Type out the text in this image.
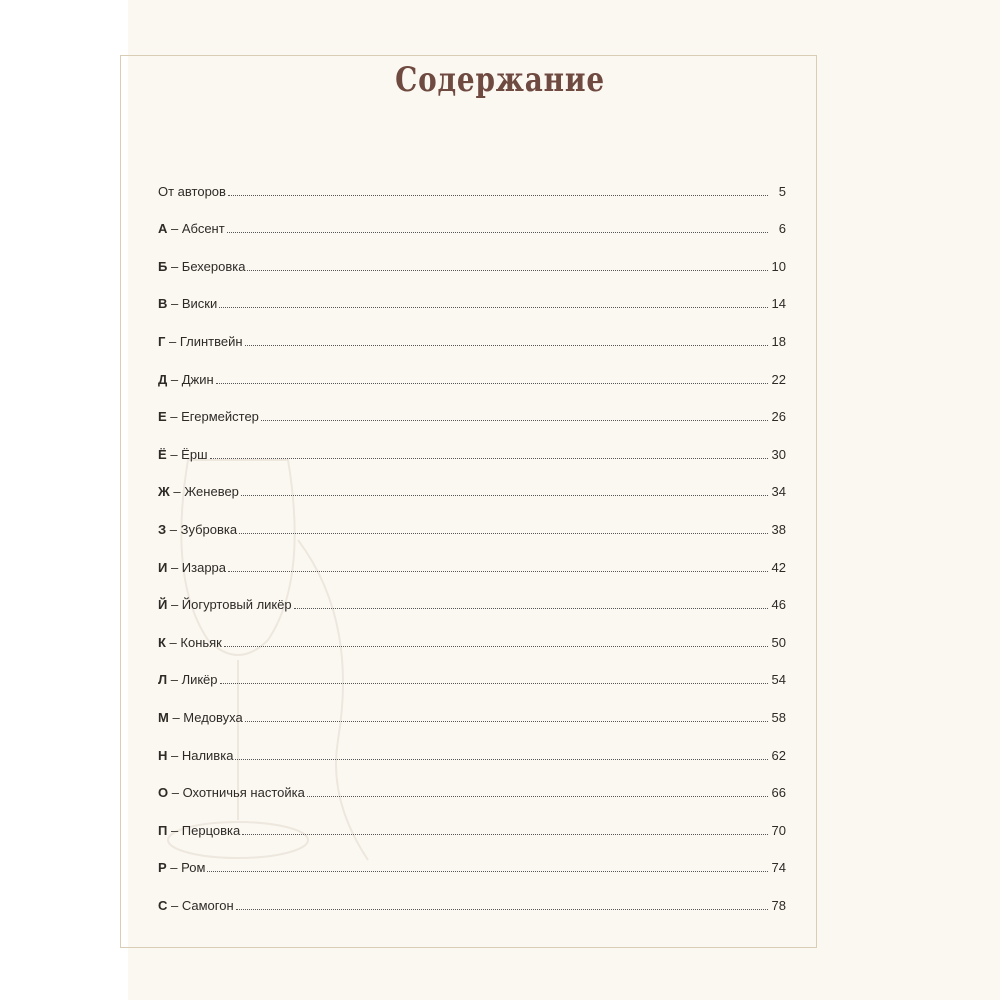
Содержание
От авторов	5
А – Абсент	6
Б – Бехеровка	10
В – Виски	14
Г – Глинтвейн	18
Д – Джин	22
Е – Егермейстер	26
Ё – Ёрш	30
Ж – Женевер	34
З – Зубровка	38
И – Изарра	42
Й – Йогуртовый ликёр	46
К – Коньяк	50
Л – Ликёр	54
М – Медовуха	58
Н – Наливка	62
О – Охотничья настойка	66
П – Перцовка	70
Р – Ром	74
С – Самогон	78
